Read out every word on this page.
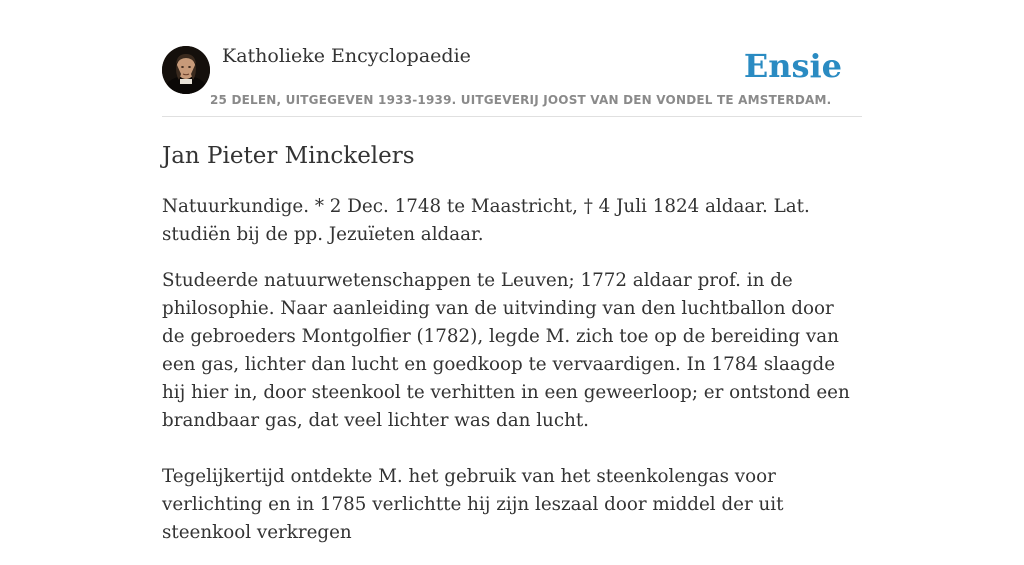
Katholieke Encyclopaedie
25 DELEN, UITGEGEVEN 1933-1939. UITGEVERIJ JOOST VAN DEN VONDEL TE AMSTERDAM.
Ensie
Jan Pieter Minckelers

Natuurkundige. * 2 Dec. 1748 te Maastricht, † 4 Juli 1824 aldaar. Lat. studiën bij de pp. Jezuïeten aldaar.

Studeerde natuurwetenschappen te Leuven; 1772 aldaar prof. in de philosophie. Naar aanleiding van de uitvinding van den luchtballon door de gebroeders Montgolfier (1782), legde M. zich toe op de bereiding van een gas, lichter dan lucht en goedkoop te vervaardigen. In 1784 slaagde hij hier in, door steenkool te verhitten in een geweerloop; er ontstond een brandbaar gas, dat veel lichter was dan lucht.

Tegelijkertijd ontdekte M. het gebruik van het steenkolengas voor verlichting en in 1785 verlichtte hij zijn leszaal door middel der uit steenkool verkregen
